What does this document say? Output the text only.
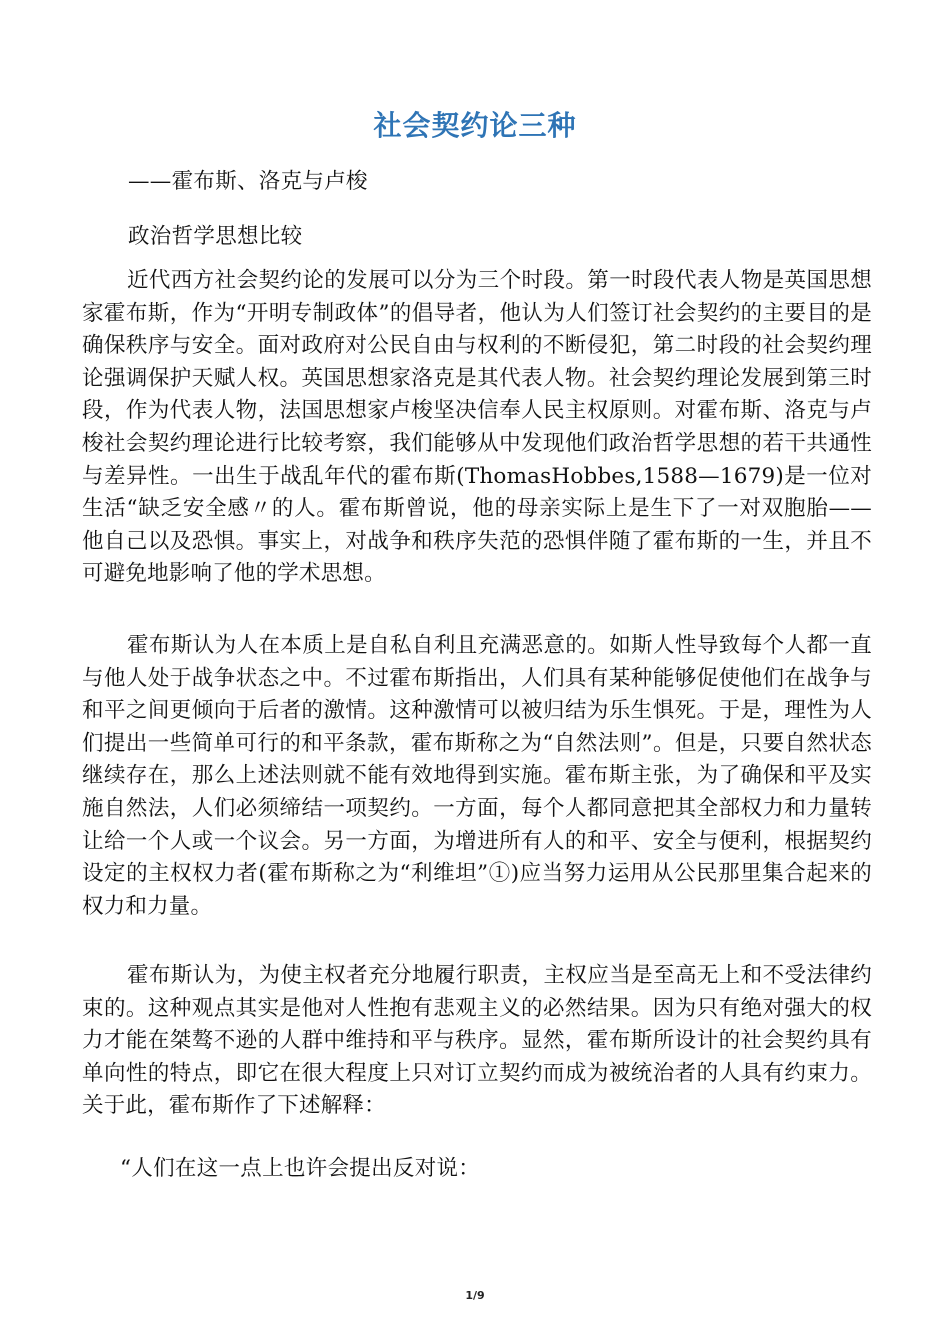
社会契约论三种
——霍布斯、洛克与卢梭
政治哲学思想比较
近代西方社会契约论的发展可以分为三个时段。第一时段代表人物是英国思想家霍布斯，作为“开明专制政体”的倡导者，他认为人们签订社会契约的主要目的是确保秩序与安全。面对政府对公民自由与权利的不断侵犯，第二时段的社会契约理论强调保护天赋人权。英国思想家洛克是其代表人物。社会契约理论发展到第三时段，作为代表人物，法国思想家卢梭坚决信奉人民主权原则。对霍布斯、洛克与卢梭社会契约理论进行比较考察，我们能够从中发现他们政治哲学思想的若干共通性与差异性。一出生于战乱年代的霍布斯(ThomasHobbes,1588—1679)是一位对生活“缺乏安全感〃的人。霍布斯曾说，他的母亲实际上是生下了一对双胞胎——他自己以及恐惧。事实上，对战争和秩序失范的恐惧伴随了霍布斯的一生，并且不可避免地影响了他的学术思想。
霍布斯认为人在本质上是自私自利且充满恶意的。如斯人性导致每个人都一直与他人处于战争状态之中。不过霍布斯指出，人们具有某种能够促使他们在战争与和平之间更倾向于后者的激情。这种激情可以被归结为乐生惧死。于是，理性为人们提出一些简单可行的和平条款，霍布斯称之为“自然法则”。但是，只要自然状态继续存在，那么上述法则就不能有效地得到实施。霍布斯主张，为了确保和平及实施自然法，人们必须缔结一项契约。一方面，每个人都同意把其全部权力和力量转让给一个人或一个议会。另一方面，为增进所有人的和平、安全与便利，根据契约设定的主权权力者(霍布斯称之为“利维坦”①)应当努力运用从公民那里集合起来的权力和力量。
霍布斯认为，为使主权者充分地履行职责，主权应当是至高无上和不受法律约束的。这种观点其实是他对人性抱有悲观主义的必然结果。因为只有绝对强大的权力才能在桀骜不逊的人群中维持和平与秩序。显然，霍布斯所设计的社会契约具有单向性的特点，即它在很大程度上只对订立契约而成为被统治者的人具有约束力。关于此，霍布斯作了下述解释：
“人们在这一点上也许会提出反对说：
1/9
